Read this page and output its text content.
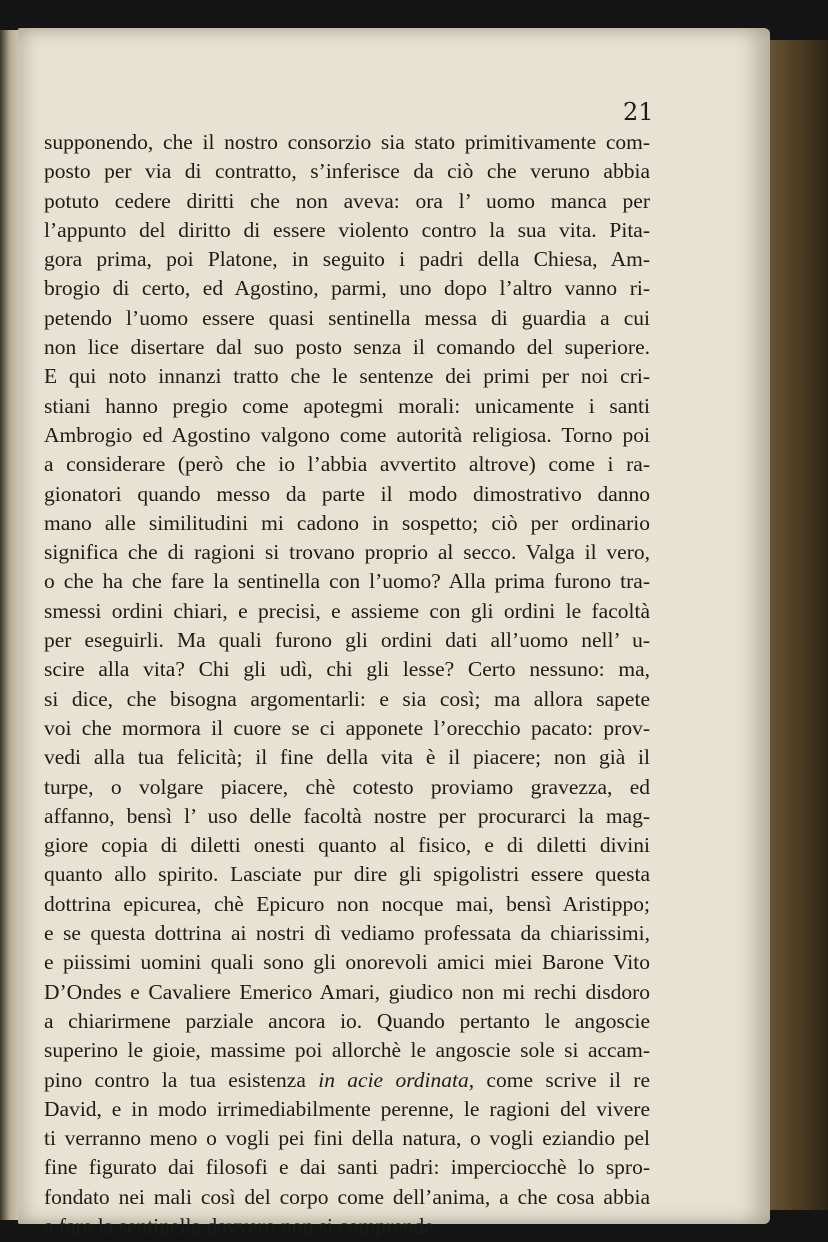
21
supponendo, che il nostro consorzio sia stato primitivamente com-
posto per via di contratto, s’inferisce da ciò che veruno abbia
potuto cedere diritti che non aveva: ora l’ uomo manca per
l’appunto del diritto di essere violento contro la sua vita. Pita-
gora prima, poi Platone, in seguito i padri della Chiesa, Am-
brogio di certo, ed Agostino, parmi, uno dopo l’altro vanno ri-
petendo l’uomo essere quasi sentinella messa di guardia a cui
non lice disertare dal suo posto senza il comando del superiore.
E qui noto innanzi tratto che le sentenze dei primi per noi cri-
stiani hanno pregio come apotegmi morali: unicamente i santi
Ambrogio ed Agostino valgono come autorità religiosa. Torno poi
a considerare (però che io l’abbia avvertito altrove) come i ra-
gionatori quando messo da parte il modo dimostrativo danno
mano alle similitudini mi cadono in sospetto; ciò per ordinario
significa che di ragioni si trovano proprio al secco. Valga il vero,
o che ha che fare la sentinella con l’uomo? Alla prima furono tra-
smessi ordini chiari, e precisi, e assieme con gli ordini le facoltà
per eseguirli. Ma quali furono gli ordini dati all’uomo nell’ u-
scire alla vita? Chi gli udì, chi gli lesse? Certo nessuno: ma,
si dice, che bisogna argomentarli: e sia così; ma allora sapete
voi che mormora il cuore se ci apponete l’orecchio pacato: prov-
vedi alla tua felicità; il fine della vita è il piacere; non già il
turpe, o volgare piacere, chè cotesto proviamo gravezza, ed
affanno, bensì l’ uso delle facoltà nostre per procurarci la mag-
giore copia di diletti onesti quanto al fisico, e di diletti divini
quanto allo spirito. Lasciate pur dire gli spigolistri essere questa
dottrina epicurea, chè Epicuro non nocque mai, bensì Aristippo;
e se questa dottrina ai nostri dì vediamo professata da chiarissimi,
e piissimi uomini quali sono gli onorevoli amici miei Barone Vito
D’Ondes e Cavaliere Emerico Amari, giudico non mi rechi disdoro
a chiarirmene parziale ancora io. Quando pertanto le angoscie
superino le gioie, massime poi allorchè le angoscie sole si accam-
pino contro la tua esistenza in acie ordinata, come scrive il re
David, e in modo irrimediabilmente perenne, le ragioni del vivere
ti verranno meno o vogli pei fini della natura, o vogli eziandio pel
fine figurato dai filosofi e dai santi padri: imperciocchè lo spro-
fondato nei mali così del corpo come dell’anima, a che cosa abbia
a fare la sentinella davvero non si comprende.
